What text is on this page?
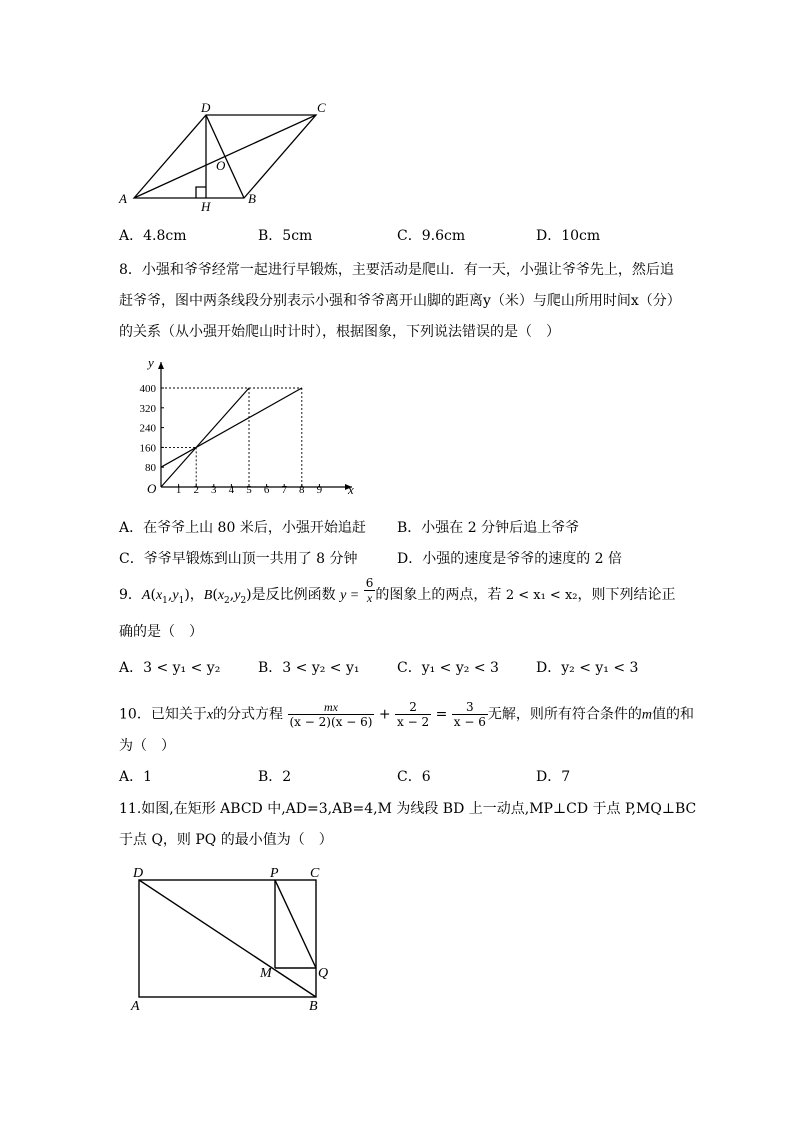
D	C
A	B
O
H
A．4.8cm	B．5cm	C．9.6cm	D．10cm
8．小强和爷爷经常一起进行早锻炼，主要活动是爬山．有一天，小强让爷爷先上，然后追
赶爷爷，图中两条线段分别表示小强和爷爷离开山脚的距离y（米）与爬山所用时间x（分）
的关系（从小强开始爬山时计时），根据图象，下列说法错误的是（　）
x
y
O 1 2 3 4 5 6 7 8 9
80
160
240
320
400
A．在爷爷上山 80 米后，小强开始追赶 B．小强在 2 分钟后追上爷爷
C．爷爷早锻炼到山顶一共用了 8 分钟	D．小强的速度是爷爷的速度的 2 倍
9．$A(x_1,y_1)$，$B(x_2,y_2)$是反比例函数 $y = \frac{6}{x}$ 的图象上的两点，若 2 < x₁ < x₂，则下列结论正
确的是（　）
A．3 < y₁ < y₂	B．3 < y₂ < y₁	C．y₁ < y₂ < 3	D．y₂ < y₁ < 3
10．已知关于x的分式方程 $\frac{mx}{(x - 2)(x - 6)} + \frac{2}{x - 2} = \frac{3}{x - 6}$ 无解，则所有符合条件的m值的和
为（　）
A．1	B．2	C．6	D．7
11.如图,在矩形 ABCD 中,AD=3,AB=4,M 为线段 BD 上一动点,MP⊥CD 于点 P,MQ⊥BC
于点 Q，则 PQ 的最小值为（　）
D	P C
M	Q
A	B
